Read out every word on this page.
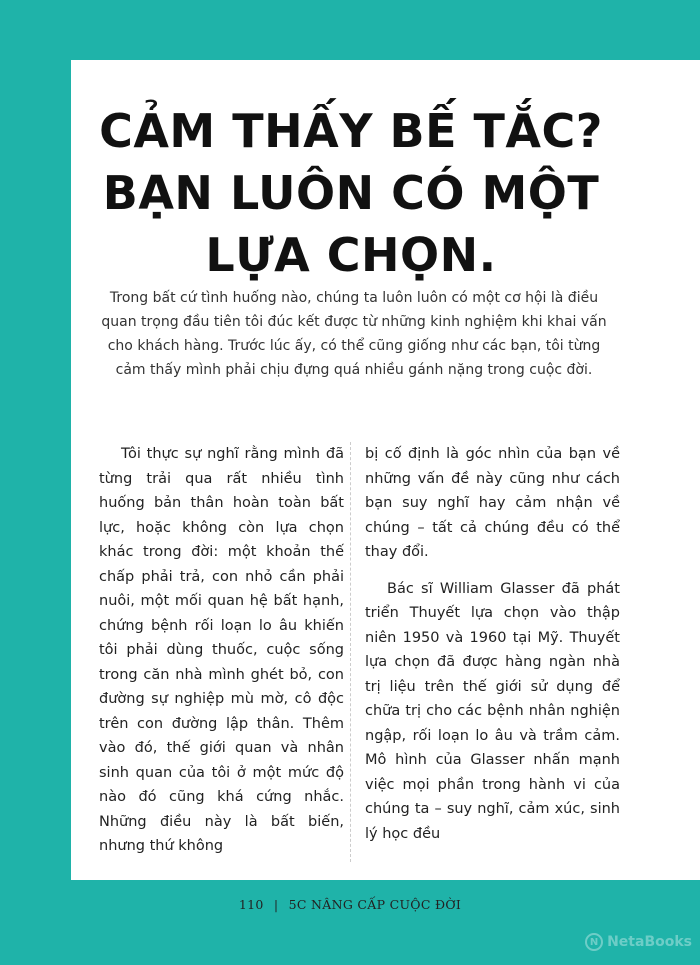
CẢM THẤY BẾ TẮC?
BẠN LUÔN CÓ MỘT
LỰA CHỌN.

Trong bất cứ tình huống nào, chúng ta luôn luôn có một cơ hội là điều quan trọng đầu tiên tôi đúc kết được từ những kinh nghiệm khi khai vấn cho khách hàng. Trước lúc ấy, có thể cũng giống như các bạn, tôi từng cảm thấy mình phải chịu đựng quá nhiều gánh nặng trong cuộc đời.

Tôi thực sự nghĩ rằng mình đã từng trải qua rất nhiều tình huống bản thân hoàn toàn bất lực, hoặc không còn lựa chọn khác trong đời: một khoản thế chấp phải trả, con nhỏ cần phải nuôi, một mối quan hệ bất hạnh, chứng bệnh rối loạn lo âu khiến tôi phải dùng thuốc, cuộc sống trong căn nhà mình ghét bỏ, con đường sự nghiệp mù mờ, cô độc trên con đường lập thân. Thêm vào đó, thế giới quan và nhân sinh quan của tôi ở một mức độ nào đó cũng khá cứng nhắc. Những điều này là bất biến, nhưng thứ không

bị cố định là góc nhìn của bạn về những vấn đề này cũng như cách bạn suy nghĩ hay cảm nhận về chúng – tất cả chúng đều có thể thay đổi.

Bác sĩ William Glasser đã phát triển Thuyết lựa chọn vào thập niên 1950 và 1960 tại Mỹ. Thuyết lựa chọn đã được hàng ngàn nhà trị liệu trên thế giới sử dụng để chữa trị cho các bệnh nhân nghiện ngập, rối loạn lo âu và trầm cảm. Mô hình của Glasser nhấn mạnh việc mọi phần trong hành vi của chúng ta – suy nghĩ, cảm xúc, sinh lý học đều

110 | 5C NÂNG CẤP CUỘC ĐỜI
N NetaBooks
